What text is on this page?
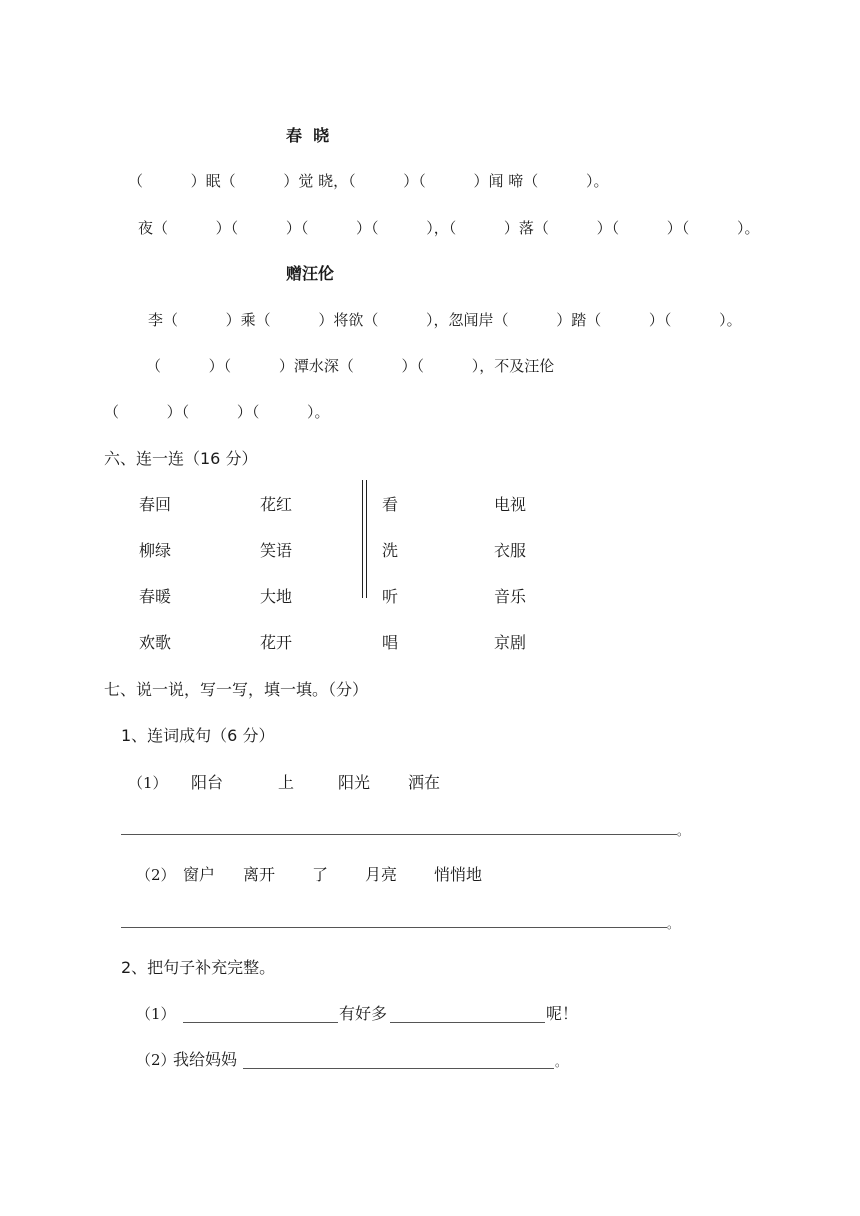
春  晓
（          ）眠（          ）觉 晓，（          ）（          ）闻 啼（          ）。
夜（          ）（          ）（          ）（          ），（          ）落（          ）（          ）（          ）。
赠汪伦
李（          ）乘（          ）将欲（          ），忽闻岸（          ）踏（          ）（          ）。
（          ）（          ）潭水深（          ）（          ），不及汪伦
（          ）（          ）（          ）。
六、连一连（16 分）
春回	花红	看	电视
柳绿	笑语	洗	衣服
春暖	大地	听	音乐
欢歌	花开	唱	京剧
七、说一说，写一写，填一填。（分）
1、连词成句（6 分）
（1） 阳台	上	阳光 洒在
。
（2） 窗户 离开 了 月亮 悄悄地
。
2、把句子补充完整。
（1）	有好多	呢！
（2）
我给妈妈	。
